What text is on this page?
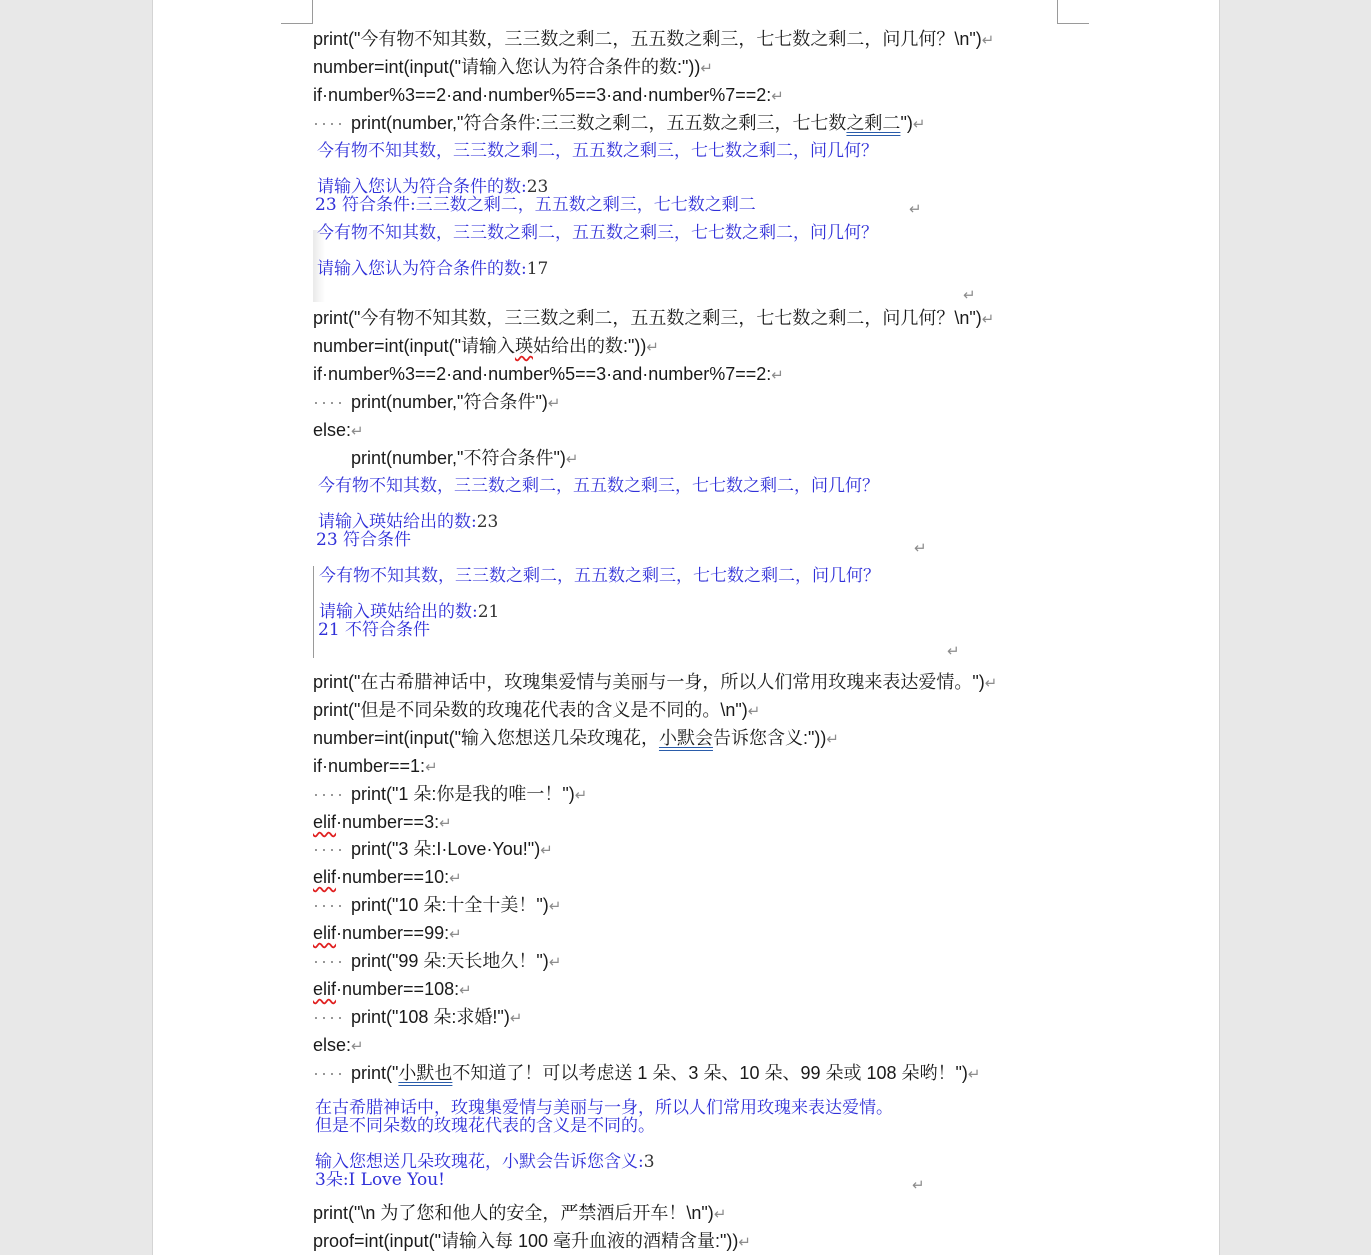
print("今有物不知其数，三三数之剩二，五五数之剩三，七七数之剩二，问几何？\n")↵
number=int(input("请输入您认为符合条件的数:"))↵
if·number%3==2·and·number%5==3·and·number%7==2:↵
···· print(number,"符合条件:三三数之剩二，五五数之剩三，七七数之剩二")↵
今有物不知其数，三三数之剩二，五五数之剩三，七七数之剩二，问几何？
请输入您认为符合条件的数:23
23 符合条件:三三数之剩二，五五数之剩三，七七数之剩二	↵
今有物不知其数，三三数之剩二，五五数之剩三，七七数之剩二，问几何？
请输入您认为符合条件的数:17
↵
print("今有物不知其数，三三数之剩二，五五数之剩三，七七数之剩二，问几何？\n")↵
number=int(input("请输入瑛姑给出的数:"))↵
if·number%3==2·and·number%5==3·and·number%7==2:↵
···· print(number,"符合条件")↵
else:↵
print(number,"不符合条件")↵
今有物不知其数，三三数之剩二，五五数之剩三，七七数之剩二，问几何？
请输入瑛姑给出的数:23
23 符合条件	↵
今有物不知其数，三三数之剩二，五五数之剩三，七七数之剩二，问几何？
请输入瑛姑给出的数:21
21 不符合条件
↵
print("在古希腊神话中，玫瑰集爱情与美丽与一身，所以人们常用玫瑰来表达爱情。")↵
print("但是不同朵数的玫瑰花代表的含义是不同的。\n")↵
number=int(input("输入您想送几朵玫瑰花，小默会告诉您含义:"))↵
if·number==1:↵
···· print("1 朵:你是我的唯一！")↵
elif·number==3:↵
···· print("3 朵:I·Love·You!")↵
elif·number==10:↵
···· print("10 朵:十全十美！")↵
elif·number==99:↵
···· print("99 朵:天长地久！")↵
elif·number==108:↵
···· print("108 朵:求婚!")↵
else:↵
···· print("小默也不知道了！可以考虑送 1 朵、3 朵、10 朵、99 朵或 108 朵哟！")↵
在古希腊神话中，玫瑰集爱情与美丽与一身，所以人们常用玫瑰来表达爱情。
但是不同朵数的玫瑰花代表的含义是不同的。
输入您想送几朵玫瑰花，小默会告诉您含义:3
3朵:I Love You!	↵
print("\n 为了您和他人的安全，严禁酒后开车！\n")↵
proof=int(input("请输入每 100 毫升血液的酒精含量:"))↵
